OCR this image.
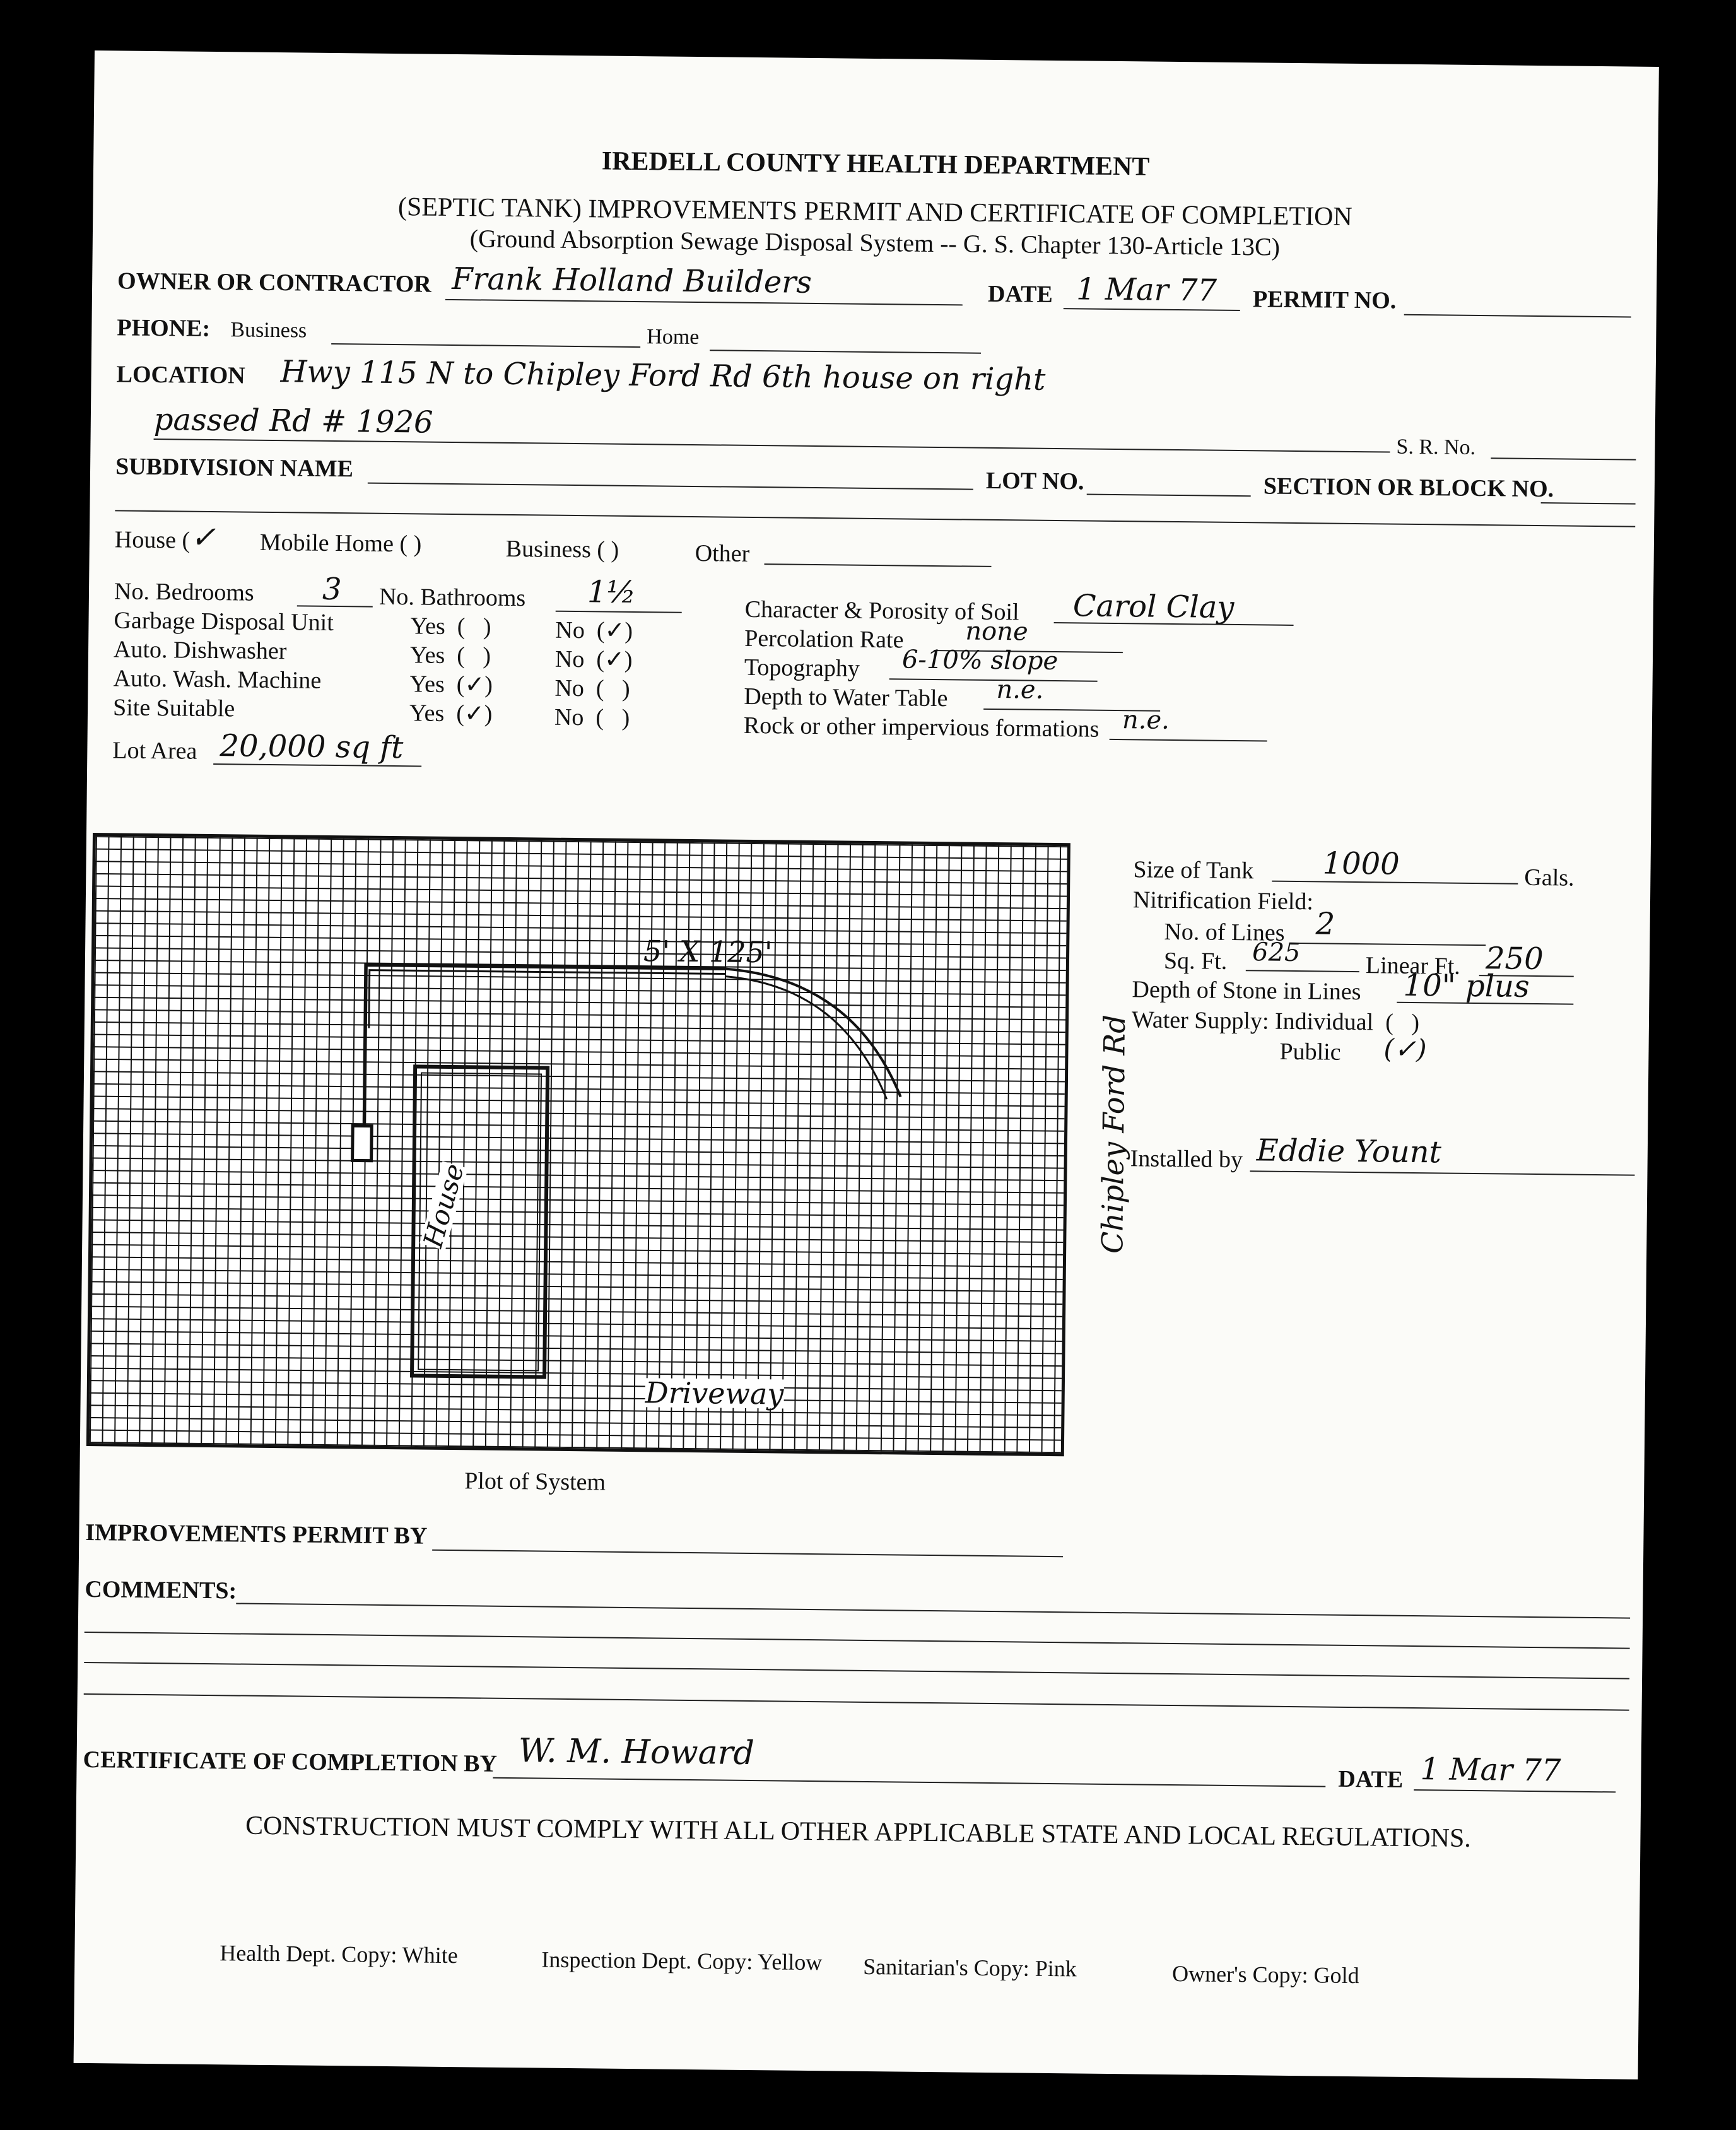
IREDELL COUNTY HEALTH DEPARTMENT
(SEPTIC TANK) IMPROVEMENTS PERMIT AND CERTIFICATE OF COMPLETION
(Ground Absorption Sewage Disposal System -- G. S. Chapter 130-Article 13C)
OWNER OR CONTRACTOR Frank Holland Builders	DATE 1 Mar 77 PERMIT NO.
PHONE: Business	Home
LOCATION Hwy 115 N to Chipley Ford Rd 6th house on right
passed Rd # 1926
S. R. No.
SUBDIVISION NAME	LOT NO.	SECTION OR BLOCK NO.
House ( ✓ Mobile Home ( )	Business ( )	Other
No. Bedrooms 3 No. Bathrooms 1½
Garbage Disposal Unit	Yes  (   )	No  (✓)
Auto. Dishwasher	Yes  (   )	No  (✓)
Auto. Wash. Machine	Yes  (✓)	No  (   )
Site Suitable	Yes  (✓)	No  (   )
Lot Area 20,000 sq ft
Character & Porosity of Soil Carol Clay
Percolation Rate none
Topography 6-10% slope
Depth to Water Table n.e.
Rock or other impervious formations n.e.
5' X 125'
House
Driveway
Chipley Ford Rd
Plot of System
Size of Tank 1000	Gals.
Nitrification Field:
No. of Lines 2
Sq. Ft. 625	Linear Ft. 250
Depth of Stone in Lines 10" plus
Water Supply: Individual  (   )
Public (✓)
Installed by Eddie Yount
IMPROVEMENTS PERMIT BY
COMMENTS:
CERTIFICATE OF COMPLETION BY W. M. Howard
DATE 1 Mar 77
CONSTRUCTION MUST COMPLY WITH ALL OTHER APPLICABLE STATE AND LOCAL REGULATIONS.
Health Dept. Copy: White	Inspection Dept. Copy: Yellow Sanitarian's Copy: Pink	Owner's Copy: Gold
